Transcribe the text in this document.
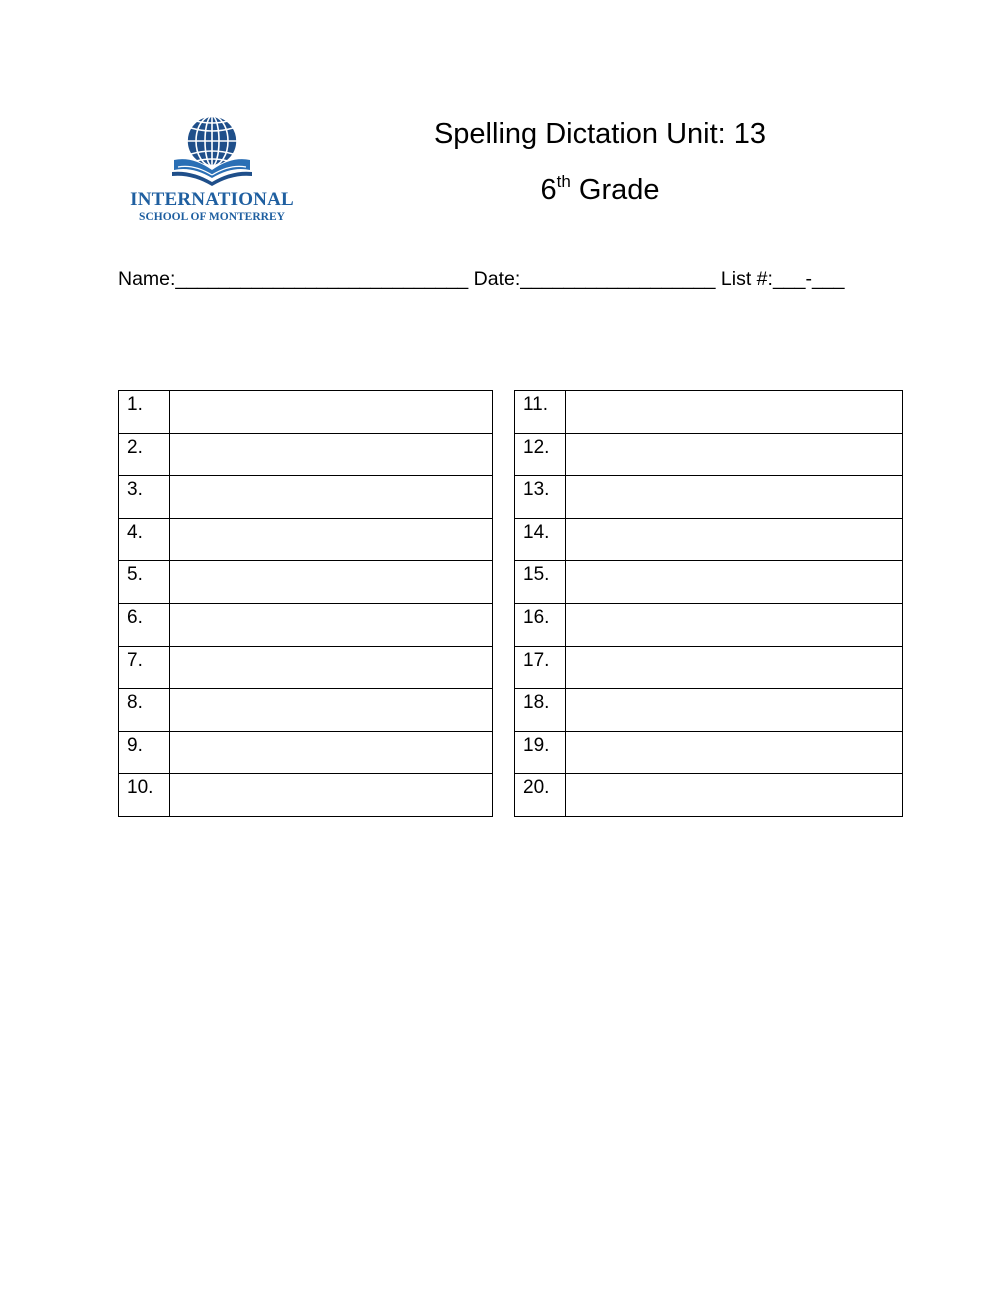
INTERNATIONAL
SCHOOL OF MONTERREY
Spelling Dictation Unit: 13
6th Grade
Name:___________________________ Date:__________________ List #:___-___
1.	
2.	
3.	
4.	
5.	
6.	
7.	
8.	
9.	
10.	
11.	
12.	
13.	
14.	
15.	
16.	
17.	
18.	
19.	
20.	
